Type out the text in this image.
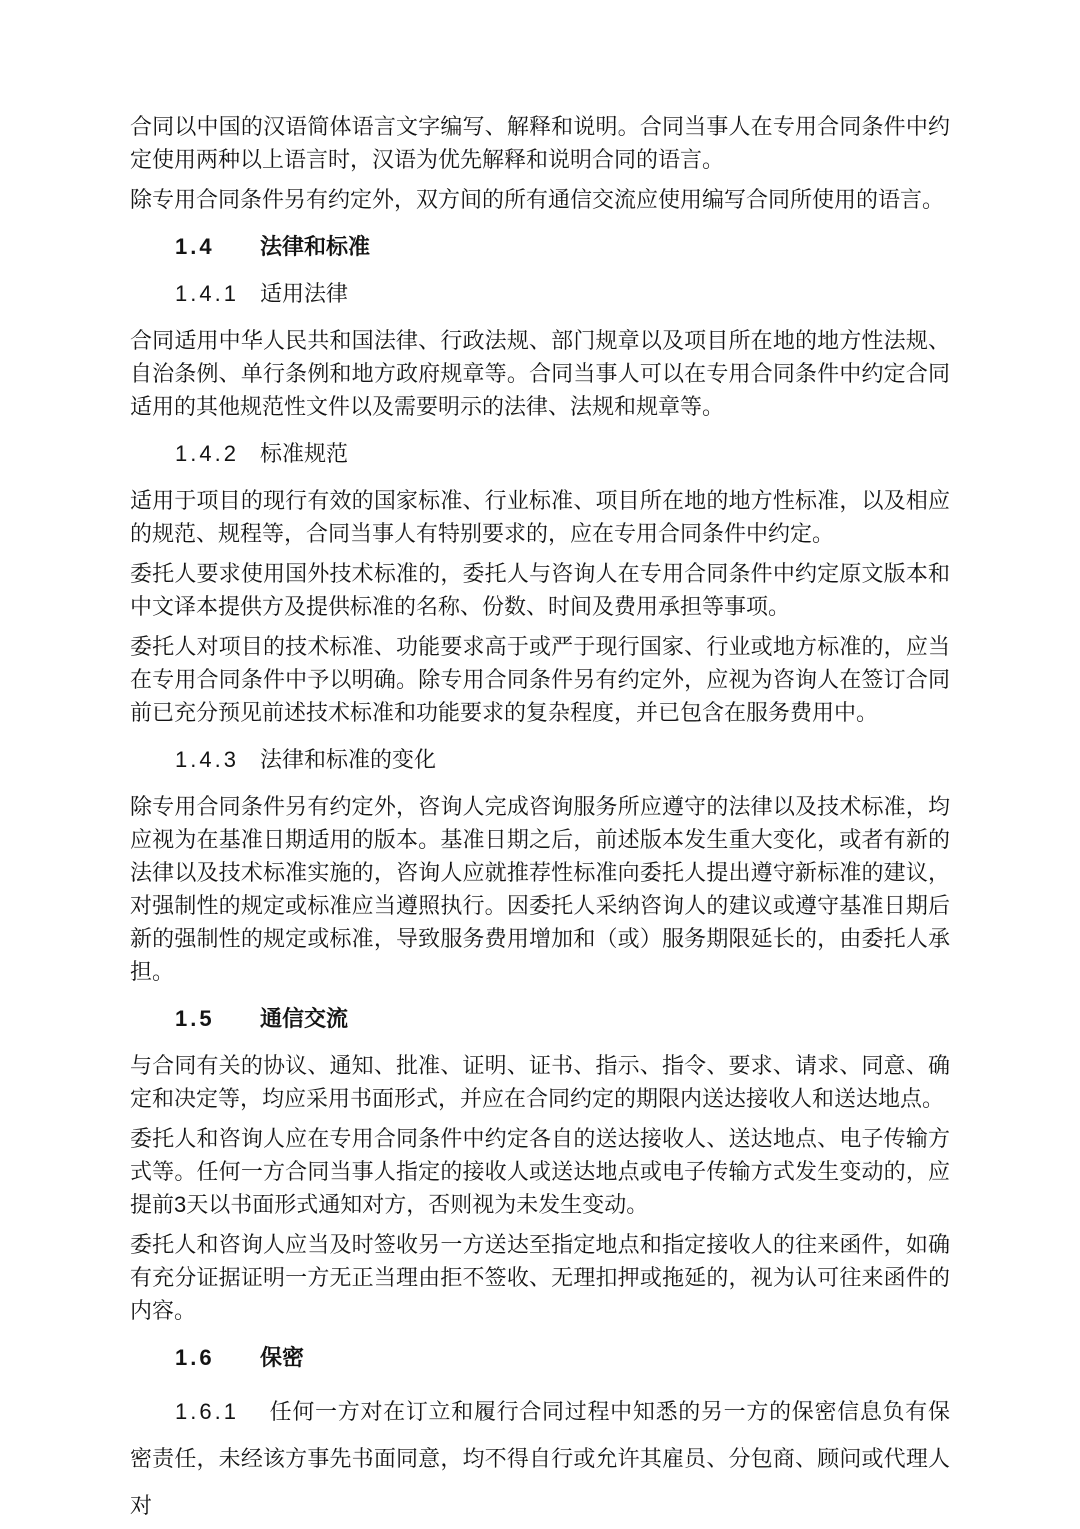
合同以中国的汉语简体语言文字编写、解释和说明。合同当事人在专用合同条件中约定使用两种以上语言时，汉语为优先解释和说明合同的语言。

除专用合同条件另有约定外，双方间的所有通信交流应使用编写合同所使用的语言。

1.4 法律和标准
1.4.1 适用法律

合同适用中华人民共和国法律、行政法规、部门规章以及项目所在地的地方性法规、自治条例、单行条例和地方政府规章等。合同当事人可以在专用合同条件中约定合同适用的其他规范性文件以及需要明示的法律、法规和规章等。

1.4.2 标准规范

适用于项目的现行有效的国家标准、行业标准、项目所在地的地方性标准，以及相应的规范、规程等，合同当事人有特别要求的，应在专用合同条件中约定。

委托人要求使用国外技术标准的，委托人与咨询人在专用合同条件中约定原文版本和中文译本提供方及提供标准的名称、份数、时间及费用承担等事项。

委托人对项目的技术标准、功能要求高于或严于现行国家、行业或地方标准的，应当在专用合同条件中予以明确。除专用合同条件另有约定外，应视为咨询人在签订合同前已充分预见前述技术标准和功能要求的复杂程度，并已包含在服务费用中。

1.4.3 法律和标准的变化

除专用合同条件另有约定外，咨询人完成咨询服务所应遵守的法律以及技术标准，均应视为在基准日期适用的版本。基准日期之后，前述版本发生重大变化，或者有新的法律以及技术标准实施的，咨询人应就推荐性标准向委托人提出遵守新标准的建议，对强制性的规定或标准应当遵照执行。因委托人采纳咨询人的建议或遵守基准日期后新的强制性的规定或标准，导致服务费用增加和（或）服务期限延长的，由委托人承担。

1.5 通信交流

与合同有关的协议、通知、批准、证明、证书、指示、指令、要求、请求、同意、确定和决定等，均应采用书面形式，并应在合同约定的期限内送达接收人和送达地点。

委托人和咨询人应在专用合同条件中约定各自的送达接收人、送达地点、电子传输方式等。任何一方合同当事人指定的接收人或送达地点或电子传输方式发生变动的，应提前3天以书面形式通知对方，否则视为未发生变动。

委托人和咨询人应当及时签收另一方送达至指定地点和指定接收人的往来函件，如确有充分证据证明一方无正当理由拒不签收、无理扣押或拖延的，视为认可往来函件的内容。

1.6 保密

1.6.1 任何一方对在订立和履行合同过程中知悉的另一方的保密信息负有保密责任，未经该方事先书面同意，均不得自行或允许其雇员、分包商、顾问或代理人对
